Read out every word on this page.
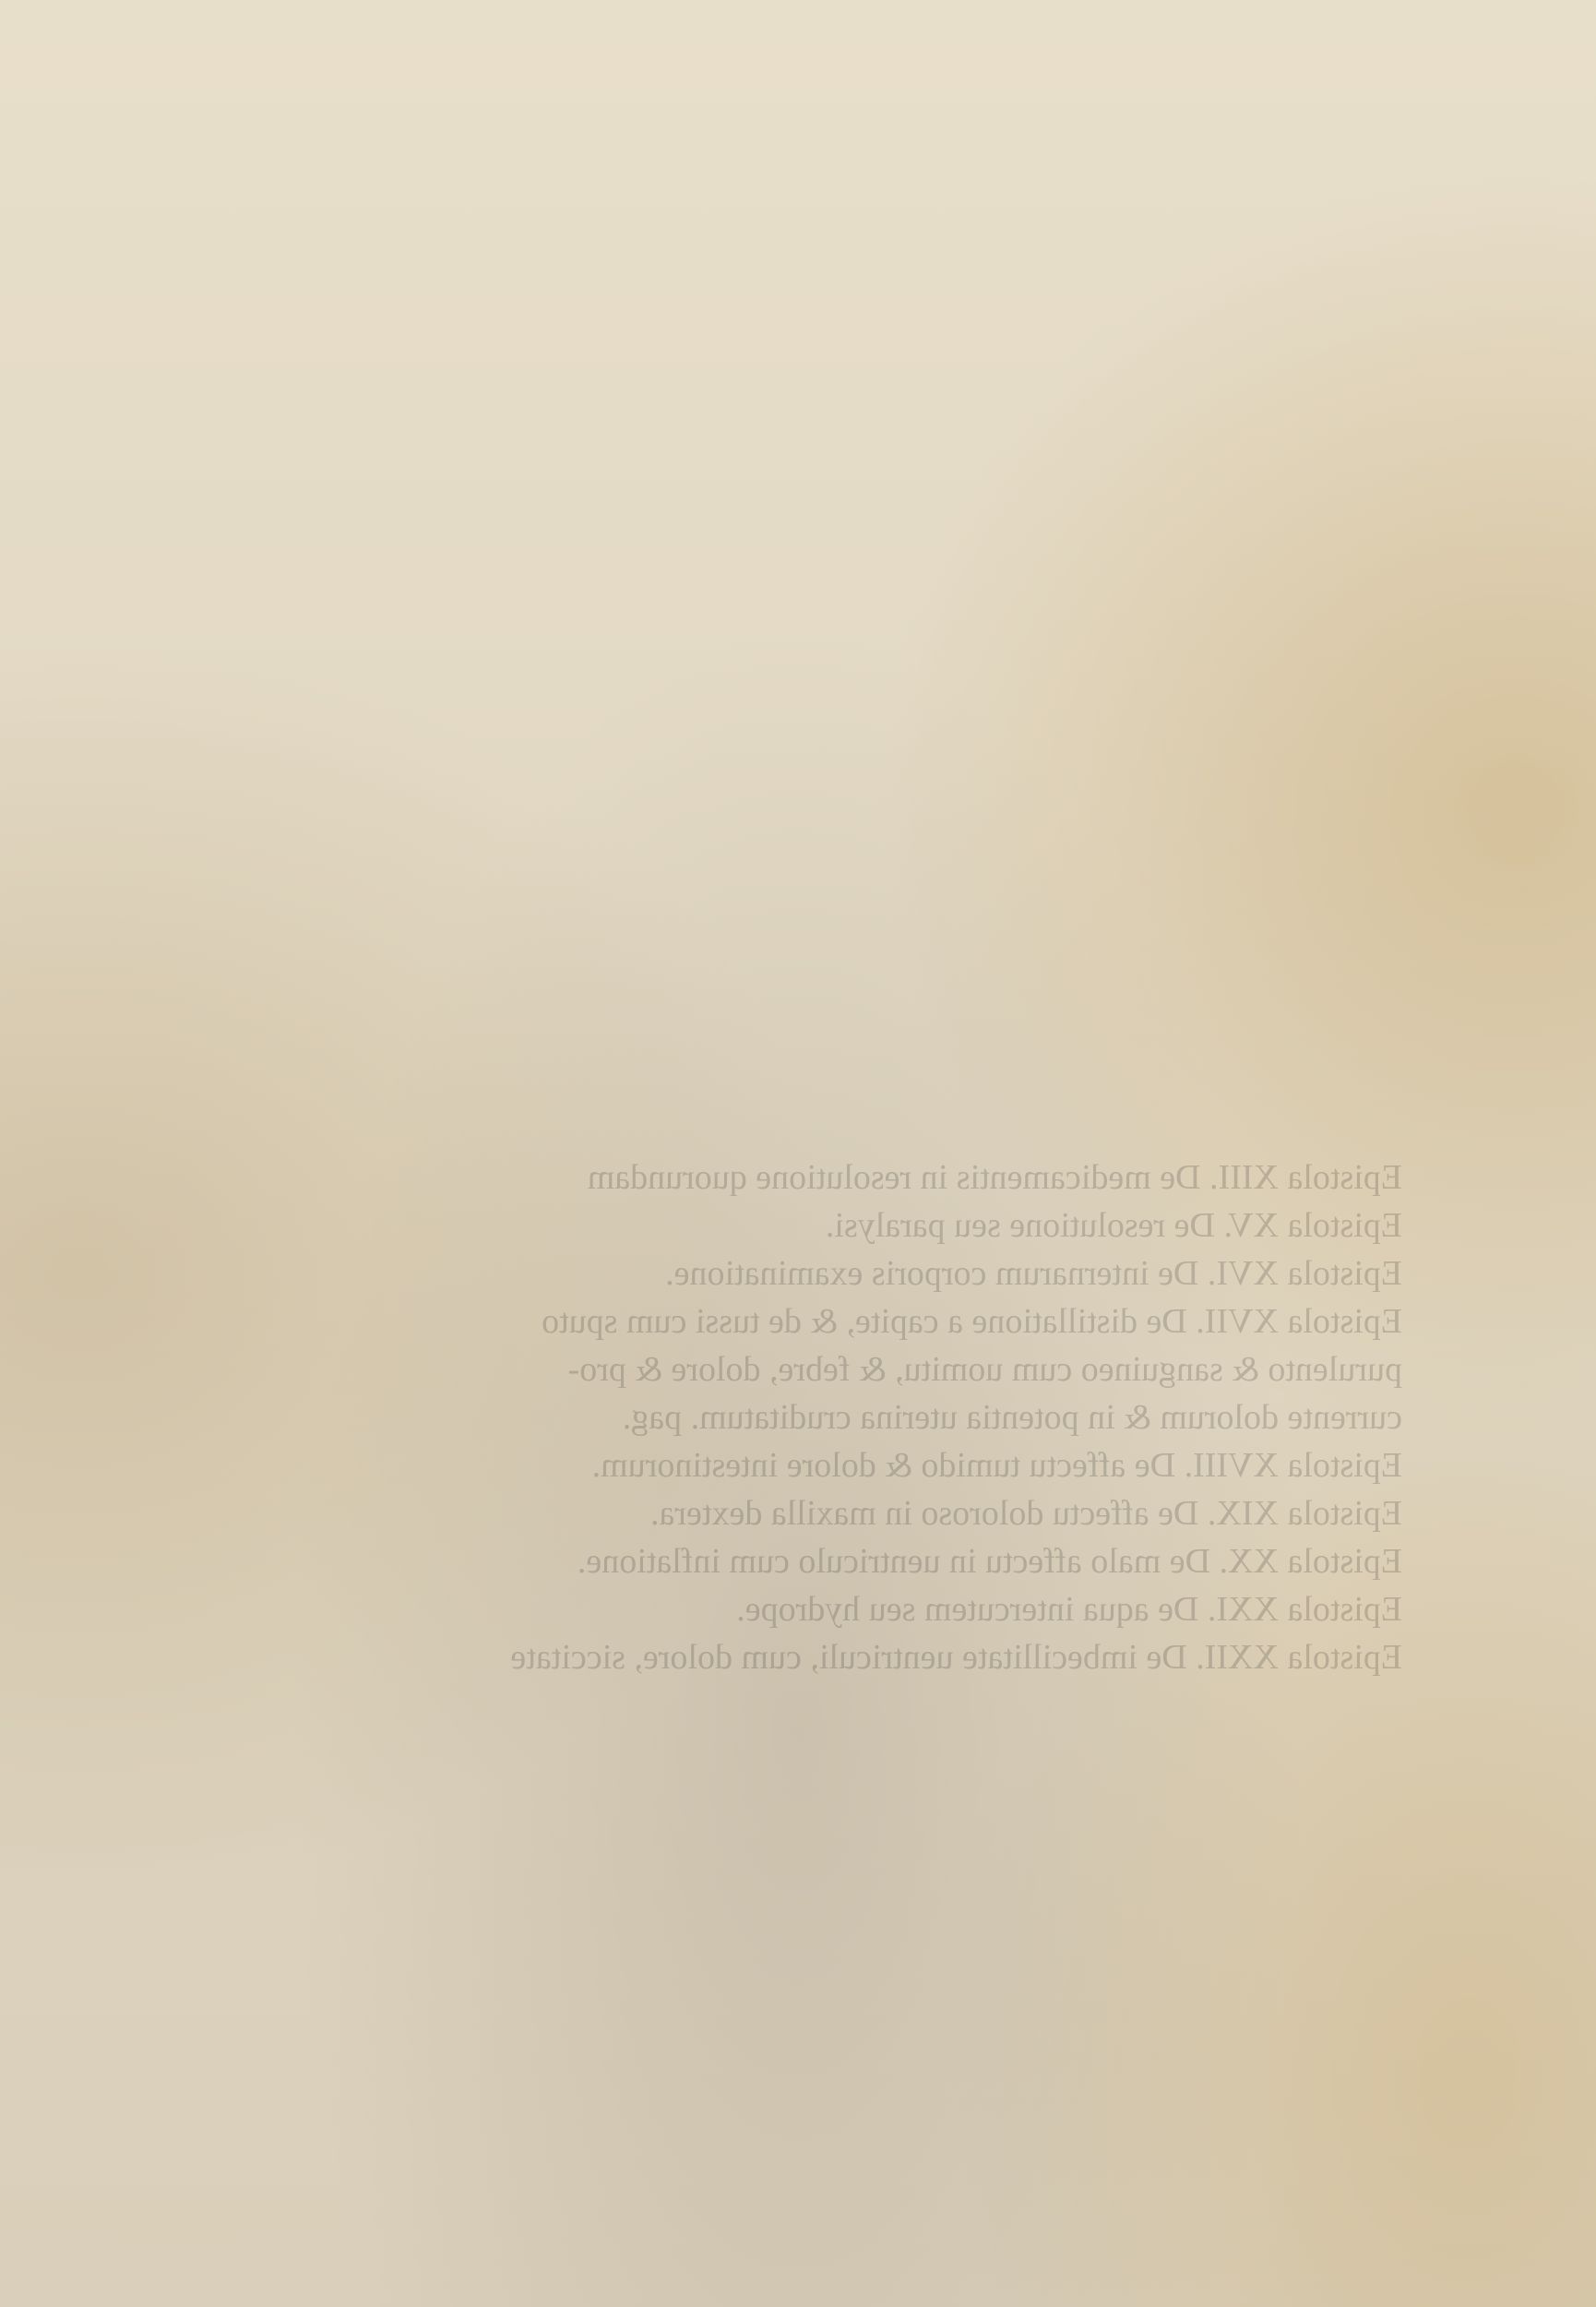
Epistola XIII. De medicamentis in resolutione quorundam
Epistola XV. De resolutione seu paralysi.
Epistola XVI. De internarum corporis examinatione.
Epistola XVII. De distillatione a capite, & de tussi cum sputo
purulento & sanguineo cum uomitu, & febre, dolore & pro-
currente dolorum & in potentia uterina cruditatum. pag.
Epistola XVIII. De affectu tumido & dolore intestinorum.
Epistola XIX. De affectu doloroso in maxilla dextera.
Epistola XX. De malo affectu in uentriculo cum inflatione.
Epistola XXI. De aqua intercutem seu hydrope.
Epistola XXII. De imbecillitate uentriculi, cum dolore, siccitate
